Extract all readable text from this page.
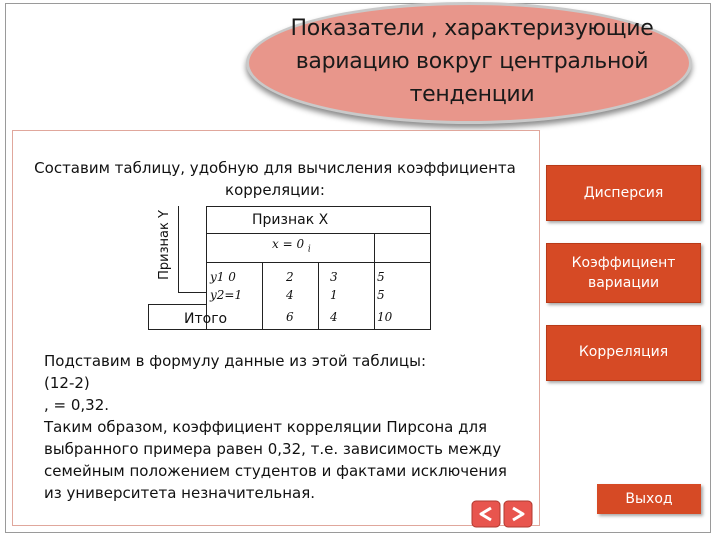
Показатели , характеризующие
вариацию вокруг центральной
тенденции
Составим таблицу, удобную для вычисления коэффициента
корреляции:
Признак Y	Признак X
x = 0 $_i$
y1 0	2	3	5
y2=1	4	1	5
Итого	6	4	10
Подставим в формулу данные из этой таблицы:
(12-2)
, = 0,32.
Таким образом, коэффициент корреляции Пирсона для
выбранного примера равен 0,32, т.е. зависимость между
семейным положением студентов и фактами исключения
из университета незначительная.
Дисперсия
Коэффициент
вариации
Корреляция
Выход
